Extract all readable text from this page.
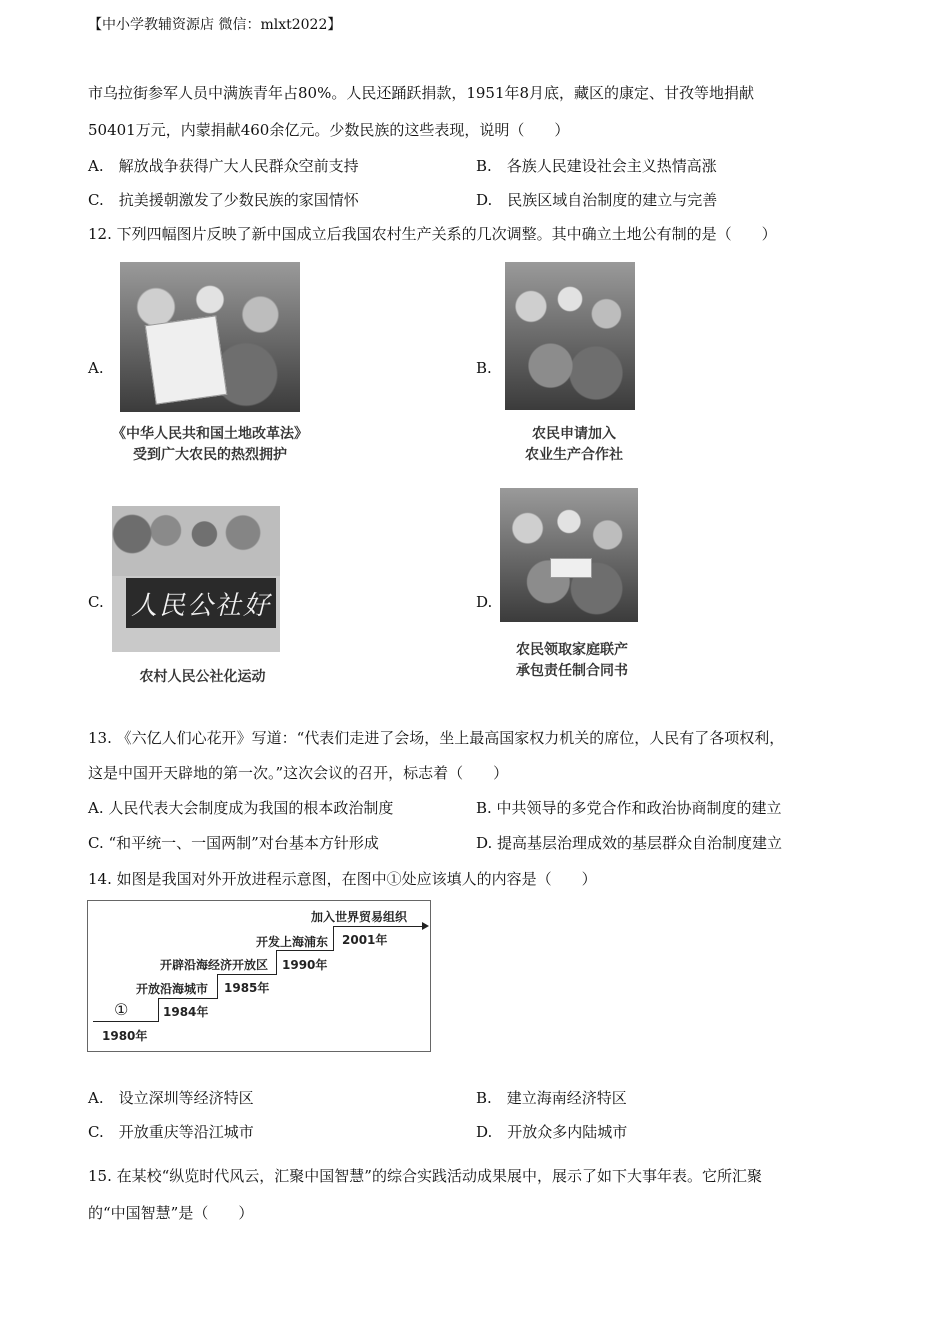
【中小学教辅资源店 微信：mlxt2022】
市乌拉街参军人员中满族青年占80%。人民还踊跃捐款，1951年8月底，藏区的康定、甘孜等地捐献
50401万元，内蒙捐献460余亿元。少数民族的这些表现，说明（　　）
A.　解放战争获得广大人民群众空前支持	B.　各族人民建设社会主义热情高涨
C.　抗美援朝激发了少数民族的家国情怀	D.　民族区域自治制度的建立与完善
12. 下列四幅图片反映了新中国成立后我国农村生产关系的几次调整。其中确立土地公有制的是（　　）
A.
《中华人民共和国土地改革法》
受到广大农民的热烈拥护
B.
农民申请加入
农业生产合作社
C. 人民公社好
农村人民公社化运动
D.
农民领取家庭联产
承包责任制合同书
13. 《六亿人们心花开》写道：“代表们走进了会场，坐上最高国家权力机关的席位，人民有了各项权利，
这是中国开天辟地的第一次。”这次会议的召开，标志着（　　）
A. 人民代表大会制度成为我国的根本政治制度	B. 中共领导的多党合作和政治协商制度的建立
C. “和平统一、一国两制”对台基本方针形成	D. 提高基层治理成效的基层群众自治制度建立
14. 如图是我国对外开放进程示意图，在图中①处应该填人的内容是（　　）
加入世界贸易组织
2001年
开发上海浦东
1990年
开辟沿海经济开放区
1985年
开放沿海城市
1984年
①
1980年
A.　设立深圳等经济特区	B.　建立海南经济特区
C.　开放重庆等沿江城市	D.　开放众多内陆城市
15. 在某校“纵览时代风云，汇聚中国智慧”的综合实践活动成果展中，展示了如下大事年表。它所汇聚
的“中国智慧”是（　　）
